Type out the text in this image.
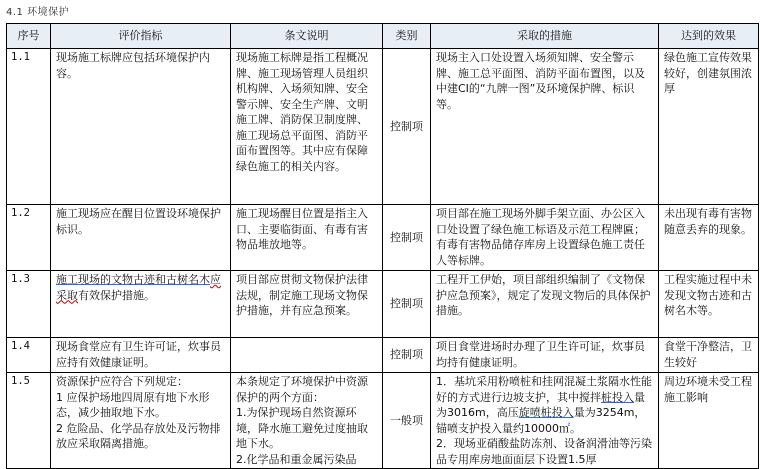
4.1 环境保护
序号	评价指标	条文说明	类别	采取的措施	达到的效果
1.1	现场施工标牌应包括环境保护内容。	现场施工标牌是指工程概况牌、施工现场管理人员组织机构牌、入场须知牌、安全警示牌、安全生产牌、文明施工牌、消防保卫制度牌、施工现场总平面图、消防平面布置图等。其中应有保障绿色施工的相关内容。	控制项	现场主入口处设置入场须知牌、安全警示牌、施工总平面图、消防平面布置图，以及中建CI的“九牌一图”及环境保护牌、标识等。	绿色施工宣传效果较好，创建氛围浓厚
1.2	施工现场应在醒目位置设环境保护标识。	施工现场醒目位置是指主入口、主要临街面、有毒有害物品堆放地等。	控制项	项目部在施工现场外脚手架立面、办公区入口处设置了绿色施工标语及示范工程牌匾；有毒有害物品储存库房上设置绿色施工责任人等标牌。	未出现有毒有害物随意丢弃的现象。
1.3	施工现场的文物古迹和古树名木应采取有效保护措施。	项目部应贯彻文物保护法律法规，制定施工现场文物保护措施，并有应急预案。	控制项	工程开工伊始，项目部组织编制了《文物保护应急预案》，规定了发现文物后的具体保护措施。	工程实施过程中未发现文物古迹和古树名木等。
1.4	现场食堂应有卫生许可证，炊事员应持有效健康证明。		控制项	项目食堂进场时办理了卫生许可证，炊事员均持有健康证明。	食堂干净整洁，卫生较好
1.5	资源保护应符合下列规定：
1 应保护场地四周原有地下水形态，减少抽取地下水。
2 危险品、化学品存放处及污物排放应采取隔离措施。	本条规定了环境保护中资源保护的两个方面：
1.为保护现场自然资源环境，降水施工避免过度抽取地下水。
2.化学品和重金属污染品	一般项	1．基坑采用粉喷桩和挂网混凝土浆隔水性能好的方式进行边坡支护，其中搅拌桩投入量为3016m，高压旋喷桩投入量为3254m，锚喷支护投入量约10000㎡。
2．现场亚硝酸盐防冻剂、设备润滑油等污染品专用库房地面面层下设置1.5厚	周边环境未受工程施工影响
